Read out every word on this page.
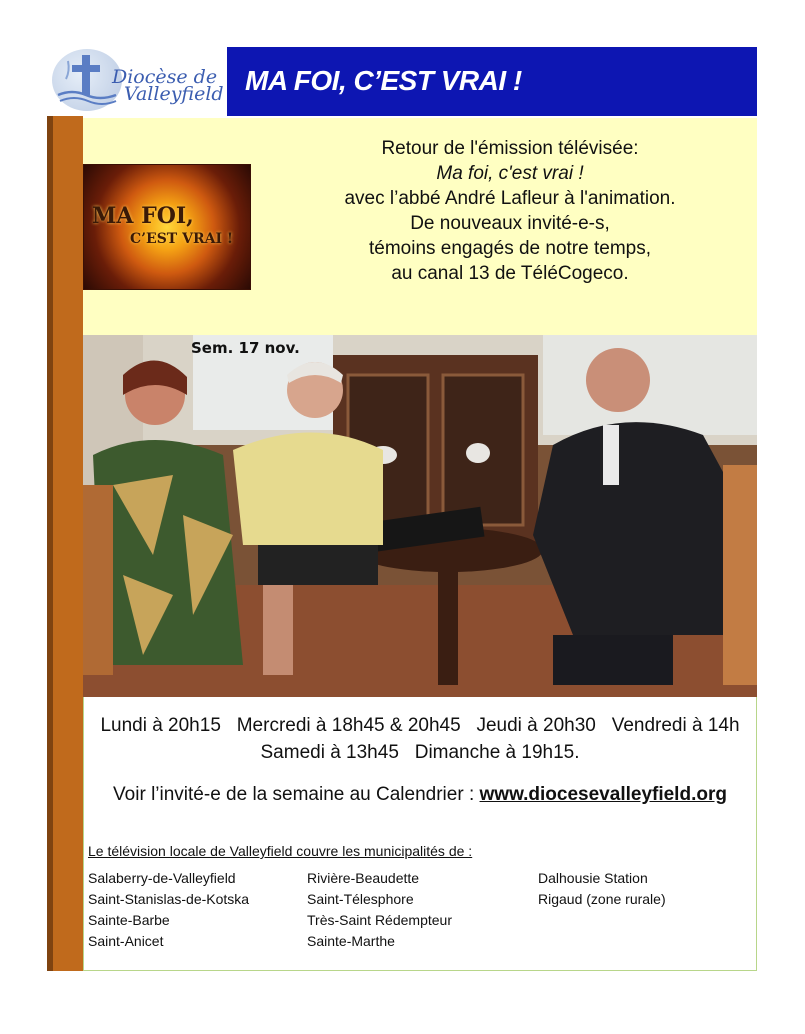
Diocèse de
Valleyfield MA FOI, C’EST VRAI !
MA FOI,
C’EST VRAI !
Retour de l'émission télévisée:
Ma foi, c'est vrai !
avec l’abbé André Lafleur à l'animation.
De nouveaux invité-e-s,
témoins engagés de notre temps,
au canal 13 de TéléCogeco.
Sem. 17 nov.
Lundi à 20h15   Mercredi à 18h45 & 20h45   Jeudi à 20h30   Vendredi à 14h
Samedi à 13h45   Dimanche à 19h15.
Voir l’invité-e de la semaine au Calendrier : www.diocesevalleyfield.org
Le télévision locale de Valleyfield couvre les municipalités de :
Salaberry-de-Valleyfield
Saint-Stanislas-de-Kotska
Sainte-Barbe
Saint-Anicet
Rivière-Beaudette
Saint-Télesphore
Très-Saint Rédempteur
Sainte-Marthe
Dalhousie Station
Rigaud (zone rurale)
